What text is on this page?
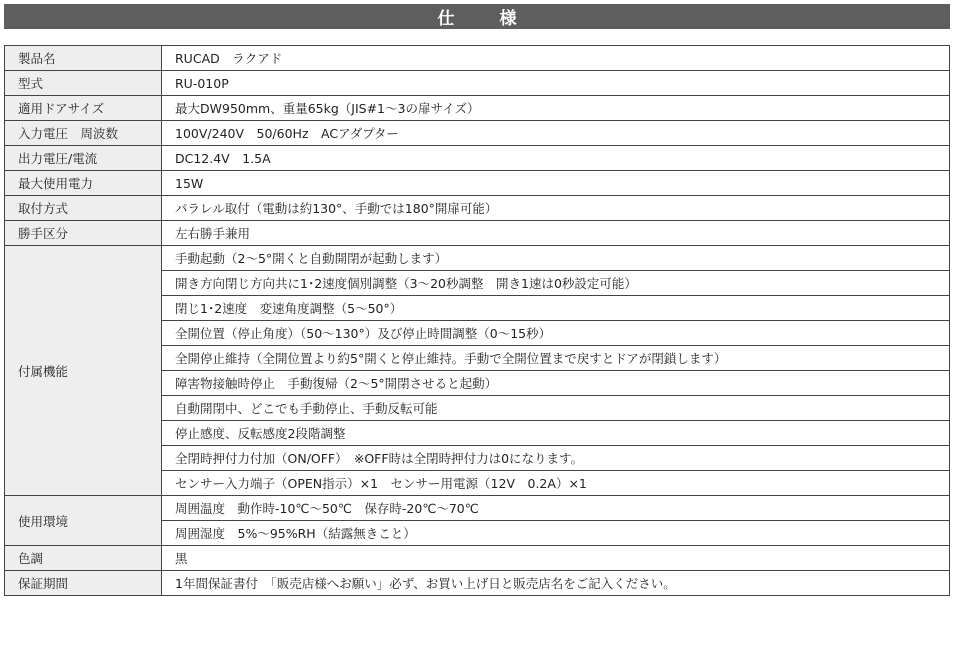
仕　様
製品名	RUCAD　ラクアド
型式	RU-010P
適用ドアサイズ	最大DW950mm、重量65kg（JIS#1～3の扉サイズ）
入力電圧　周波数	100V/240V　50/60Hz　ACアダプター
出力電圧/電流	DC12.4V　1.5A
最大使用電力	15W
取付方式	パラレル取付（電動は約130°、手動では180°開扉可能）
勝手区分	左右勝手兼用
付属機能	手動起動（2～5°開くと自動開閉が起動します）
	開き方向閉じ方向共に1･2速度個別調整（3～20秒調整　開き1速は0秒設定可能）
	閉じ1･2速度　変速角度調整（5～50°）
	全開位置（停止角度）（50～130°）及び停止時間調整（0～15秒）
	全開停止維持（全開位置より約5°開くと停止維持。手動で全開位置まで戻すとドアが閉鎖します）
	障害物接触時停止　手動復帰（2～5°開閉させると起動）
	自動開閉中、どこでも手動停止、手動反転可能
	停止感度、反転感度2段階調整
	全閉時押付力付加（ON/OFF）　※OFF時は全閉時押付力は0になります。
	センサー入力端子（OPEN指示）×1　センサー用電源（12V　0.2A）×1
使用環境	周囲温度　動作時-10℃～50℃　保存時-20℃～70℃
	周囲湿度　5%～95%RH（結露無きこと）
色調	黒
保証期間	1年間保証書付　「販売店様へお願い」必ず、お買い上げ日と販売店名をご記入ください。
